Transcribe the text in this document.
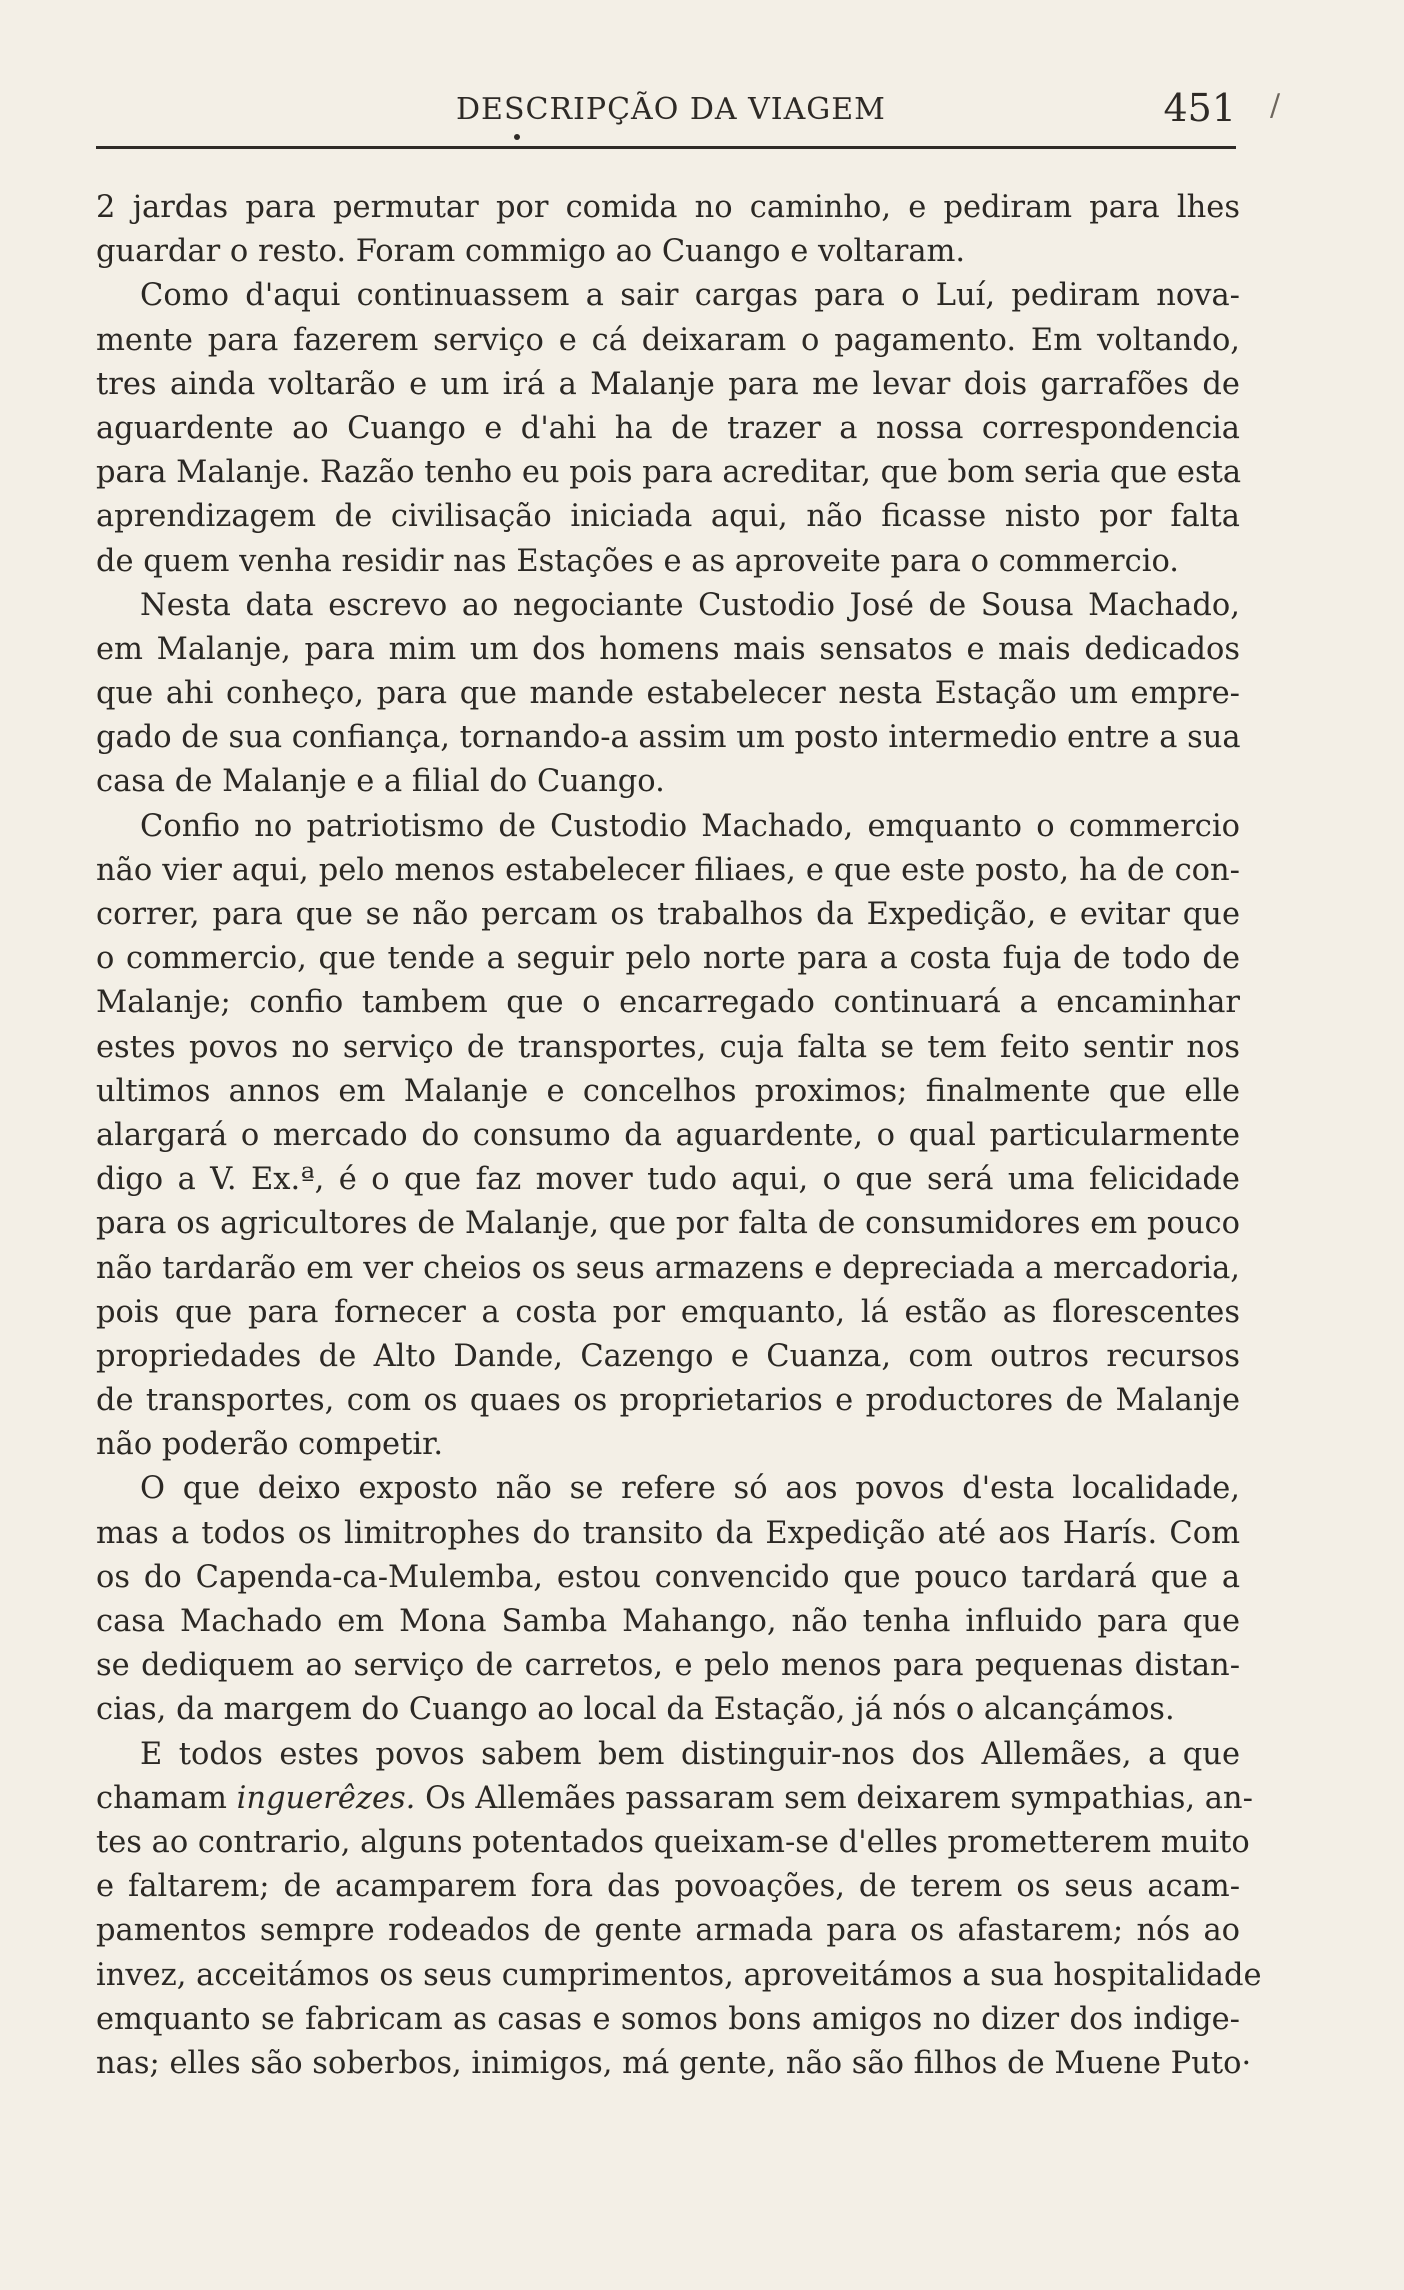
DESCRIPÇÃO DA VIAGEM	451 /
2 jardas para permutar por comida no caminho, e pediram para lhes
guardar o resto. Foram commigo ao Cuango e voltaram.
Como d'aqui continuassem a sair cargas para o Luí, pediram nova-
mente para fazerem serviço e cá deixaram o pagamento. Em voltando,
tres ainda voltarão e um irá a Malanje para me levar dois garrafões de
aguardente ao Cuango e d'ahi ha de trazer a nossa correspondencia
para Malanje. Razão tenho eu pois para acreditar, que bom seria que esta
aprendizagem de civilisação iniciada aqui, não ficasse nisto por falta
de quem venha residir nas Estações e as aproveite para o commercio.
Nesta data escrevo ao negociante Custodio José de Sousa Machado,
em Malanje, para mim um dos homens mais sensatos e mais dedicados
que ahi conheço, para que mande estabelecer nesta Estação um empre-
gado de sua confiança, tornando-a assim um posto intermedio entre a sua
casa de Malanje e a filial do Cuango.
Confio no patriotismo de Custodio Machado, emquanto o commercio
não vier aqui, pelo menos estabelecer filiaes, e que este posto, ha de con-
correr, para que se não percam os trabalhos da Expedição, e evitar que
o commercio, que tende a seguir pelo norte para a costa fuja de todo de
Malanje; confio tambem que o encarregado continuará a encaminhar
estes povos no serviço de transportes, cuja falta se tem feito sentir nos
ultimos annos em Malanje e concelhos proximos; finalmente que elle
alargará o mercado do consumo da aguardente, o qual particularmente
digo a V. Ex.ª, é o que faz mover tudo aqui, o que será uma felicidade
para os agricultores de Malanje, que por falta de consumidores em pouco
não tardarão em ver cheios os seus armazens e depreciada a mercadoria,
pois que para fornecer a costa por emquanto, lá estão as florescentes
propriedades de Alto Dande, Cazengo e Cuanza, com outros recursos
de transportes, com os quaes os proprietarios e productores de Malanje
não poderão competir.
O que deixo exposto não se refere só aos povos d'esta localidade,
mas a todos os limitrophes do transito da Expedição até aos Harís. Com
os do Capenda-ca-Mulemba, estou convencido que pouco tardará que a
casa Machado em Mona Samba Mahango, não tenha influido para que
se dediquem ao serviço de carretos, e pelo menos para pequenas distan-
cias, da margem do Cuango ao local da Estação, já nós o alcançámos.
E todos estes povos sabem bem distinguir-nos dos Allemães, a que
chamam inguerêzes. Os Allemães passaram sem deixarem sympathias, an-
tes ao contrario, alguns potentados queixam-se d'elles prometterem muito
e faltarem; de acamparem fora das povoações, de terem os seus acam-
pamentos sempre rodeados de gente armada para os afastarem; nós ao
invez, acceitámos os seus cumprimentos, aproveitámos a sua hospitalidade
emquanto se fabricam as casas e somos bons amigos no dizer dos indige-
nas; elles são soberbos, inimigos, má gente, não são filhos de Muene Puto·
